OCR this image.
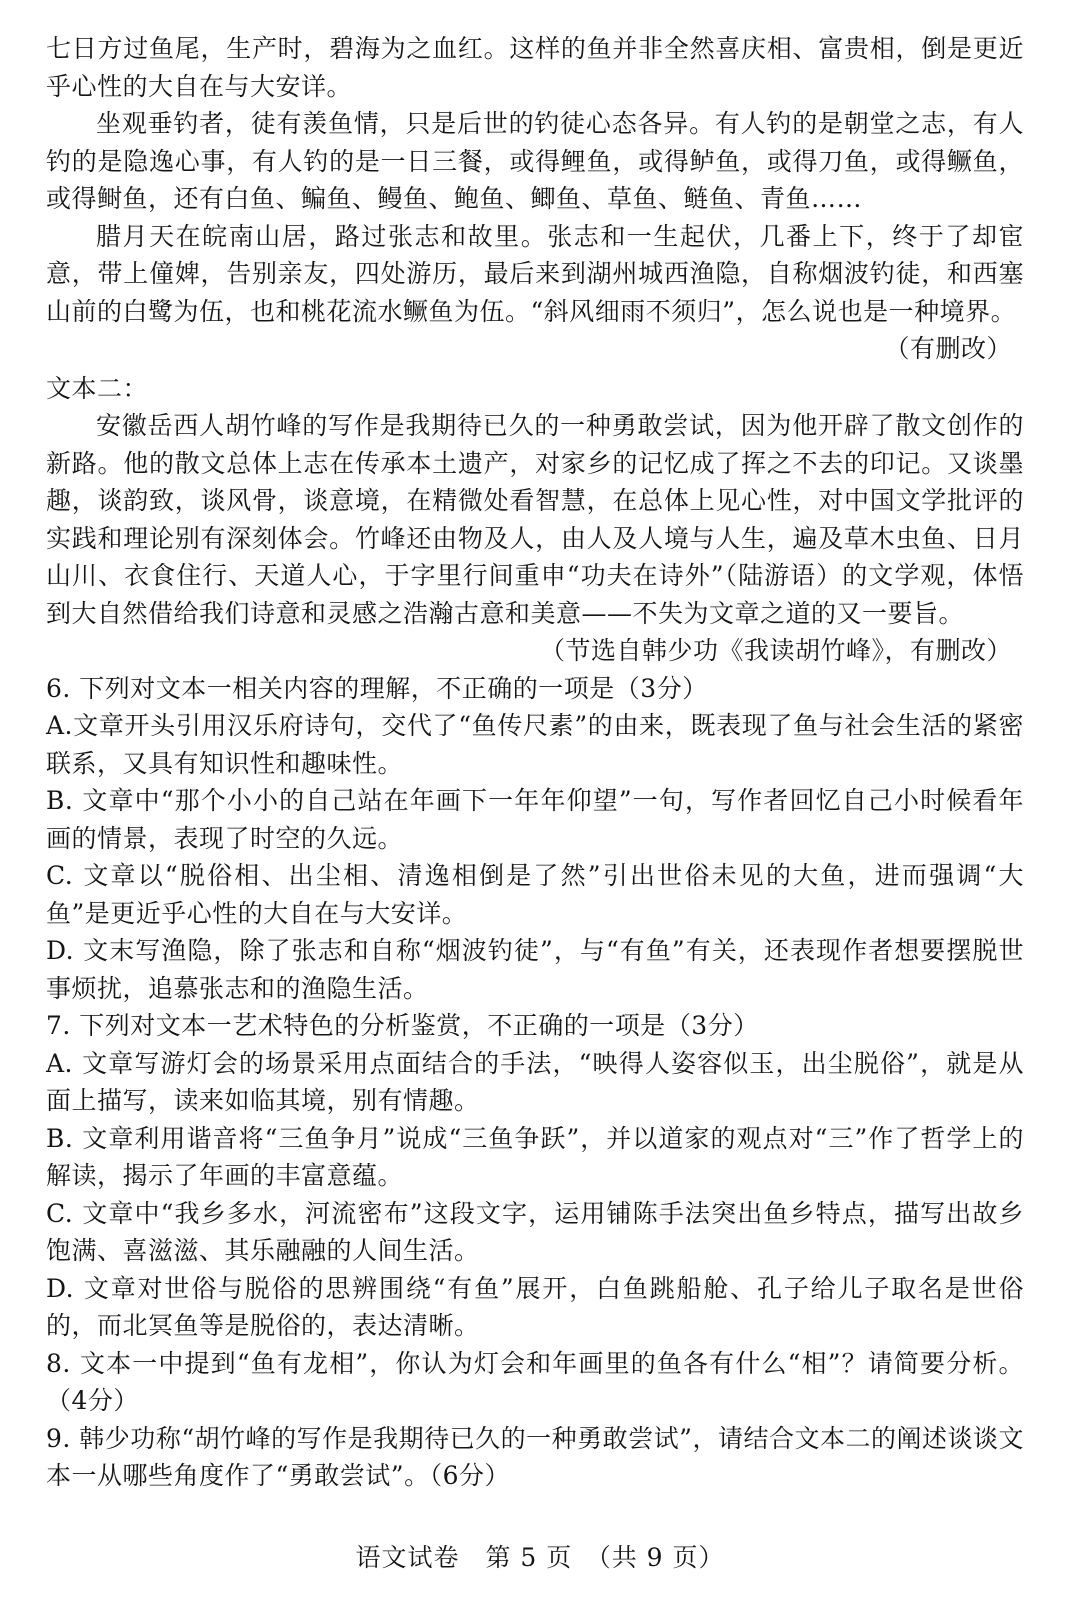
七日方过鱼尾，生产时，碧海为之血红。这样的鱼并非全然喜庆相、富贵相，倒是更近乎心性的大自在与大安详。

坐观垂钓者，徒有羡鱼情，只是后世的钓徒心态各异。有人钓的是朝堂之志，有人钓的是隐逸心事，有人钓的是一日三餐，或得鲤鱼，或得鲈鱼，或得刀鱼，或得鳜鱼，或得鲥鱼，还有白鱼、鳊鱼、鳗鱼、鲍鱼、鲫鱼、草鱼、鲢鱼、青鱼……

腊月天在皖南山居，路过张志和故里。张志和一生起伏，几番上下，终于了却宦意，带上僮婢，告别亲友，四处游历，最后来到湖州城西渔隐，自称烟波钓徒，和西塞山前的白鹭为伍，也和桃花流水鳜鱼为伍。“斜风细雨不须归”，怎么说也是一种境界。

（有删改）

文本二：

安徽岳西人胡竹峰的写作是我期待已久的一种勇敢尝试，因为他开辟了散文创作的新路。他的散文总体上志在传承本土遗产，对家乡的记忆成了挥之不去的印记。又谈墨趣，谈韵致，谈风骨，谈意境，在精微处看智慧，在总体上见心性，对中国文学批评的实践和理论别有深刻体会。竹峰还由物及人，由人及人境与人生，遍及草木虫鱼、日月山川、衣食住行、天道人心，于字里行间重申“功夫在诗外”（陆游语）的文学观，体悟到大自然借给我们诗意和灵感之浩瀚古意和美意——不失为文章之道的又一要旨。

（节选自韩少功《我读胡竹峰》，有删改）

6. 下列对文本一相关内容的理解，不正确的一项是（3分）

A.文章开头引用汉乐府诗句，交代了“鱼传尺素”的由来，既表现了鱼与社会生活的紧密联系，又具有知识性和趣味性。

B. 文章中“那个小小的自己站在年画下一年年仰望”一句，写作者回忆自己小时候看年画的情景，表现了时空的久远。

C. 文章以“脱俗相、出尘相、清逸相倒是了然”引出世俗未见的大鱼，进而强调“大鱼”是更近乎心性的大自在与大安详。

D. 文末写渔隐，除了张志和自称“烟波钓徒”，与“有鱼”有关，还表现作者想要摆脱世事烦扰，追慕张志和的渔隐生活。

7. 下列对文本一艺术特色的分析鉴赏，不正确的一项是（3分）

A. 文章写游灯会的场景采用点面结合的手法，“映得人姿容似玉，出尘脱俗”，就是从面上描写，读来如临其境，别有情趣。

B. 文章利用谐音将“三鱼争月”说成“三鱼争跃”，并以道家的观点对“三”作了哲学上的解读，揭示了年画的丰富意蕴。

C. 文章中“我乡多水，河流密布”这段文字，运用铺陈手法突出鱼乡特点，描写出故乡饱满、喜滋滋、其乐融融的人间生活。

D. 文章对世俗与脱俗的思辨围绕“有鱼”展开，白鱼跳船舱、孔子给儿子取名是世俗的，而北冥鱼等是脱俗的，表达清晰。

8. 文本一中提到“鱼有龙相”，你认为灯会和年画里的鱼各有什么“相”？请简要分析。（4分）

9. 韩少功称“胡竹峰的写作是我期待已久的一种勇敢尝试”，请结合文本二的阐述谈谈文本一从哪些角度作了“勇敢尝试”。（6分）

语文试卷　第 5 页　（共 9 页）
